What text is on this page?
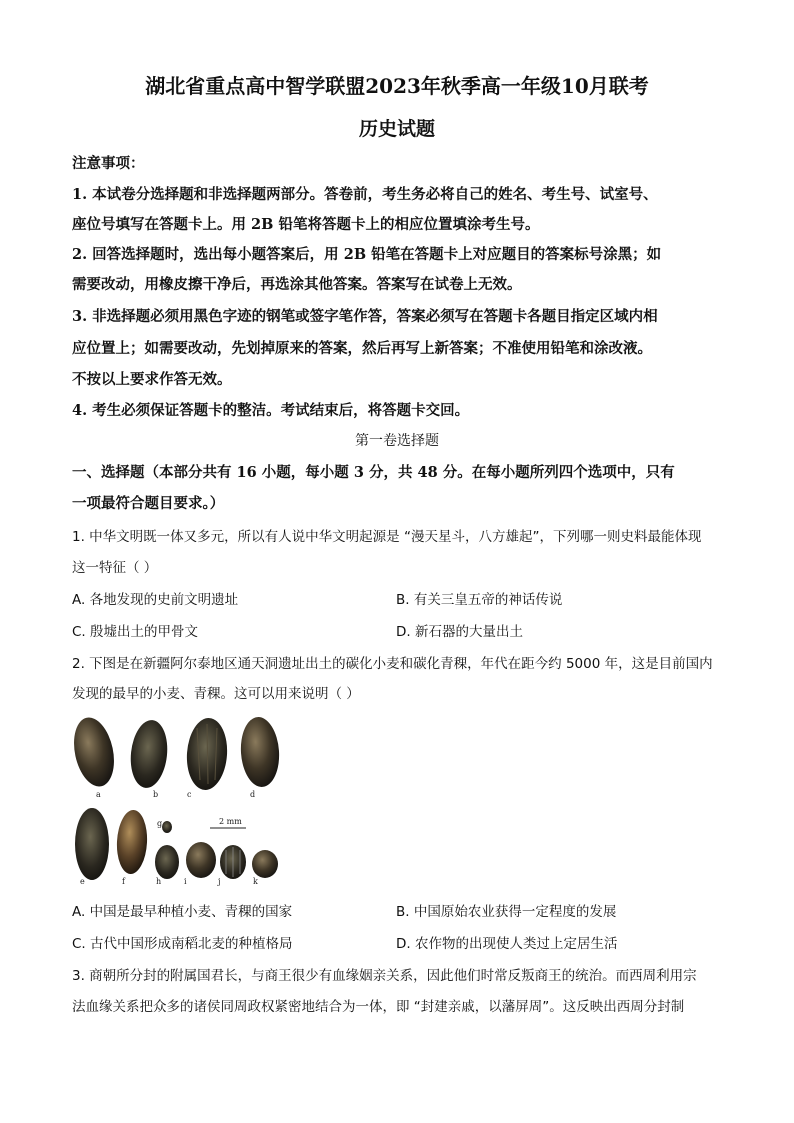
湖北省重点高中智学联盟2023年秋季高一年级10月联考
历史试题
注意事项：
1. 本试卷分选择题和非选择题两部分。答卷前，考生务必将自己的姓名、考生号、试室号、
座位号填写在答题卡上。用 2B 铅笔将答题卡上的相应位置填涂考生号。
2. 回答选择题时，选出每小题答案后，用 2B 铅笔在答题卡上对应题目的答案标号涂黑；如
需要改动，用橡皮擦干净后，再选涂其他答案。答案写在试卷上无效。
3. 非选择题必须用黑色字迹的钢笔或签字笔作答，答案必须写在答题卡各题目指定区域内相
应位置上；如需要改动，先划掉原来的答案，然后再写上新答案；不准使用铅笔和涂改液。
不按以上要求作答无效。
4. 考生必须保证答题卡的整洁。考试结束后，将答题卡交回。
第一卷选择题
一、选择题（本部分共有 16 小题，每小题 3 分，共 48 分。在每小题所列四个选项中，只有
一项最符合题目要求。）
1. 中华文明既一体又多元，所以有人说中华文明起源是 “漫天星斗，八方雄起”，下列哪一则史料最能体现
这一特征（ ）
A. 各地发现的史前文明遗址	B. 有关三皇五帝的神话传说
C. 殷墟出土的甲骨文	D. 新石器的大量出土
2. 下图是在新疆阿尔泰地区通天洞遗址出土的碳化小麦和碳化青稞，年代在距今约 5000 年，这是目前国内
发现的最早的小麦、青稞。这可以用来说明（ ）
a	b	c	d
2 mm
e	f
g
h	i	j	k
A. 中国是最早种植小麦、青稞的国家	B. 中国原始农业获得一定程度的发展
C. 古代中国形成南稻北麦的种植格局	D. 农作物的出现使人类过上定居生活
3. 商朝所分封的附属国君长，与商王很少有血缘姻亲关系，因此他们时常反叛商王的统治。而西周利用宗
法血缘关系把众多的诸侯同周政权紧密地结合为一体，即 “封建亲戚，以藩屏周”。这反映出西周分封制
